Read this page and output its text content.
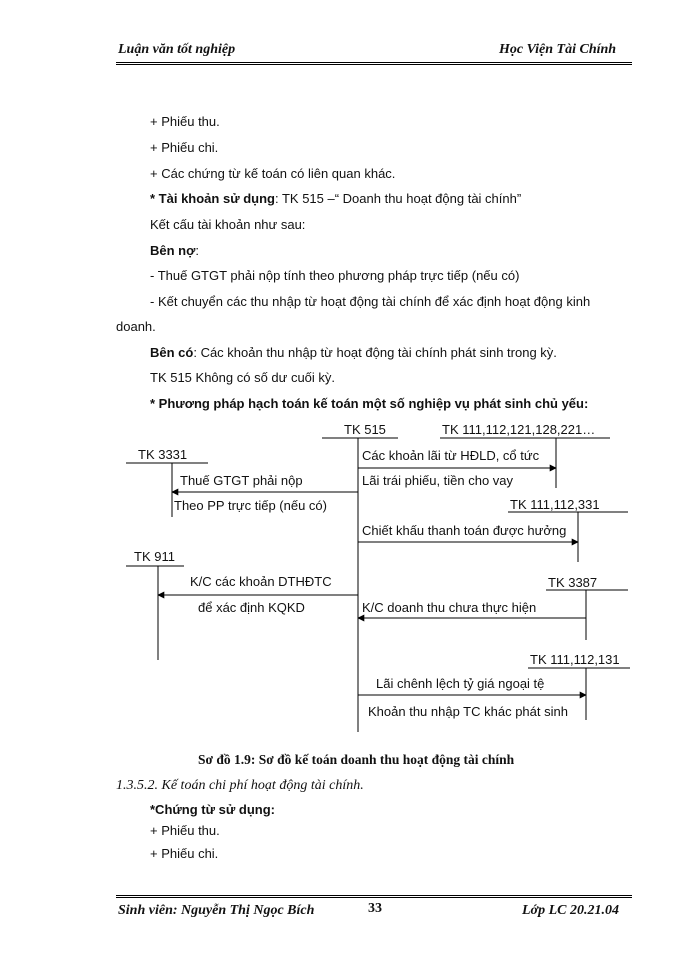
Luận văn tốt nghiệp	Học Viện Tài Chính
+ Phiếu thu.
+ Phiếu chi.
+ Các chứng từ kế toán có liên quan khác.
* Tài khoản sử dụng: TK 515 –“ Doanh thu hoạt động tài chính”
Kết cấu tài khoản như sau:
Bên nợ:
- Thuế GTGT phải nộp tính theo phương pháp trực tiếp (nếu có)
- Kết chuyển các thu nhập từ hoạt động tài chính để xác định hoạt động kinh
doanh.
Bên có: Các khoản thu nhập từ hoạt động tài chính phát sinh trong kỳ.
TK 515 Không có số dư cuối kỳ.
* Phương pháp hạch toán kế toán một số nghiệp vụ phát sinh chủ yếu:
TK 515	TK 111,112,121,128,221…
TK 3331	Các khoản lãi từ HĐLD, cổ tức
Lãi trái phiếu, tiền cho vay
Thuế GTGT phải nộp
Theo PP trực tiếp (nếu có)	TK 111,112,331
Chiết khấu thanh toán được hưởng
TK 911
K/C các khoản DTHĐTC
để xác định KQKD
TK 3387
K/C doanh thu chưa thực hiện
TK 111,112,131
Lãi chênh lệch tỷ giá ngoại tệ
Khoản thu nhập TC khác phát sinh
Sơ đồ 1.9: Sơ đồ kế toán doanh thu hoạt động tài chính
1.3.5.2. Kế toán chi phí hoạt động tài chính.
*Chứng từ sử dụng:
+ Phiếu thu.
+ Phiếu chi.
Sinh viên: Nguyễn Thị Ngọc Bích	33	Lớp LC 20.21.04
